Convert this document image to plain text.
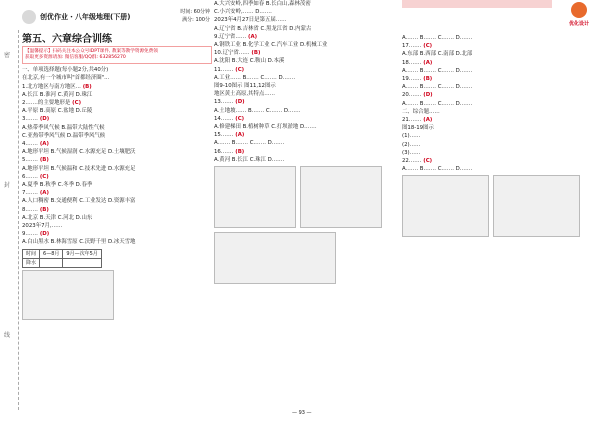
密
封
线
创优作业・八年级地理(下册)
时间: 60分钟
满分: 100分
第五、六章综合训练
【温馨提示】扫码关注本公众号IDPT课件, 教案等教学资源免费领
获取更多资源请加: 微信客服/QQ群: 632856270
一、单项选择题(每小题2分,共40分)
在北京,有一个城市叫"首都经济圈"...
1.北方地区与南方地区... (B)
A.长江 B.淮河 C.黄河 D.珠江
2.……的主要地形是 (C)
A.平原 B.高原 C.盆地 D.丘陵
3.…… (D)
A.热带季风气候 B.温带大陆性气候
C.亚热带季风气候 D.温带季风气候
4.…… (A)
A.地形平坦 B.气候湿润 C.水源充足 D.土壤肥沃
5.…… (B)
A.地形平坦 B.气候温和 C.技术先进 D.水源充足
6.…… (C)
A.夏季 B.秋季 C.冬季 D.春季
7.…… (A)
A.人口稠密 B.交通便利 C.工业发达 D.资源丰富
8.…… (B)
A.北京 B.天津 C.河北 D.山东
2023年7月,……
9.…… (D)
A.白山黑水 B.林海雪原 C.沃野千里 D.冰天雪地
时间	6—8月	9月—次年5月
降水		
A.大兴安岭,四季如春 B.长白山,森林茂密
C.小兴安岭,…… D.……
2023年4月27日是第五届……
A.辽宁省 B.吉林省 C.黑龙江省 D.内蒙古
9.辽宁省…… (A)
A.钢铁工业 B.化学工业 C.汽车工业 D.机械工业
10.辽宁省…… (B)
A.沈阳 B.大连 C.鞍山 D.本溪
11.…… (C)
A.工业…… B.…… C.…… D.……
图9-10图示 图11,12图示
地区黄土高原,其特点……
13.…… (D)
A.土地坡…… B.…… C.…… D.……
14.…… (C)
A.修建梯田 B.植树种草 C.打坝淤地 D.……
15.…… (A)
A.…… B.…… C.…… D.……
16.…… (B)
A.黄河 B.长江 C.珠江 D.……
优化设计
A.…… B.…… C.…… D.……
17.…… (C)
A.东部 B.西部 C.南部 D.北部
18.…… (A)
A.…… B.…… C.…… D.……
19.…… (B)
A.…… B.…… C.…… D.……
20.…… (D)
A.…… B.…… C.…… D.……
二、综合题……
21.…… (A)
图18-19图示
(1)……
(2)……
(3)……
22.…… (C)
A.…… B.…… C.…… D.……
— 93 —
